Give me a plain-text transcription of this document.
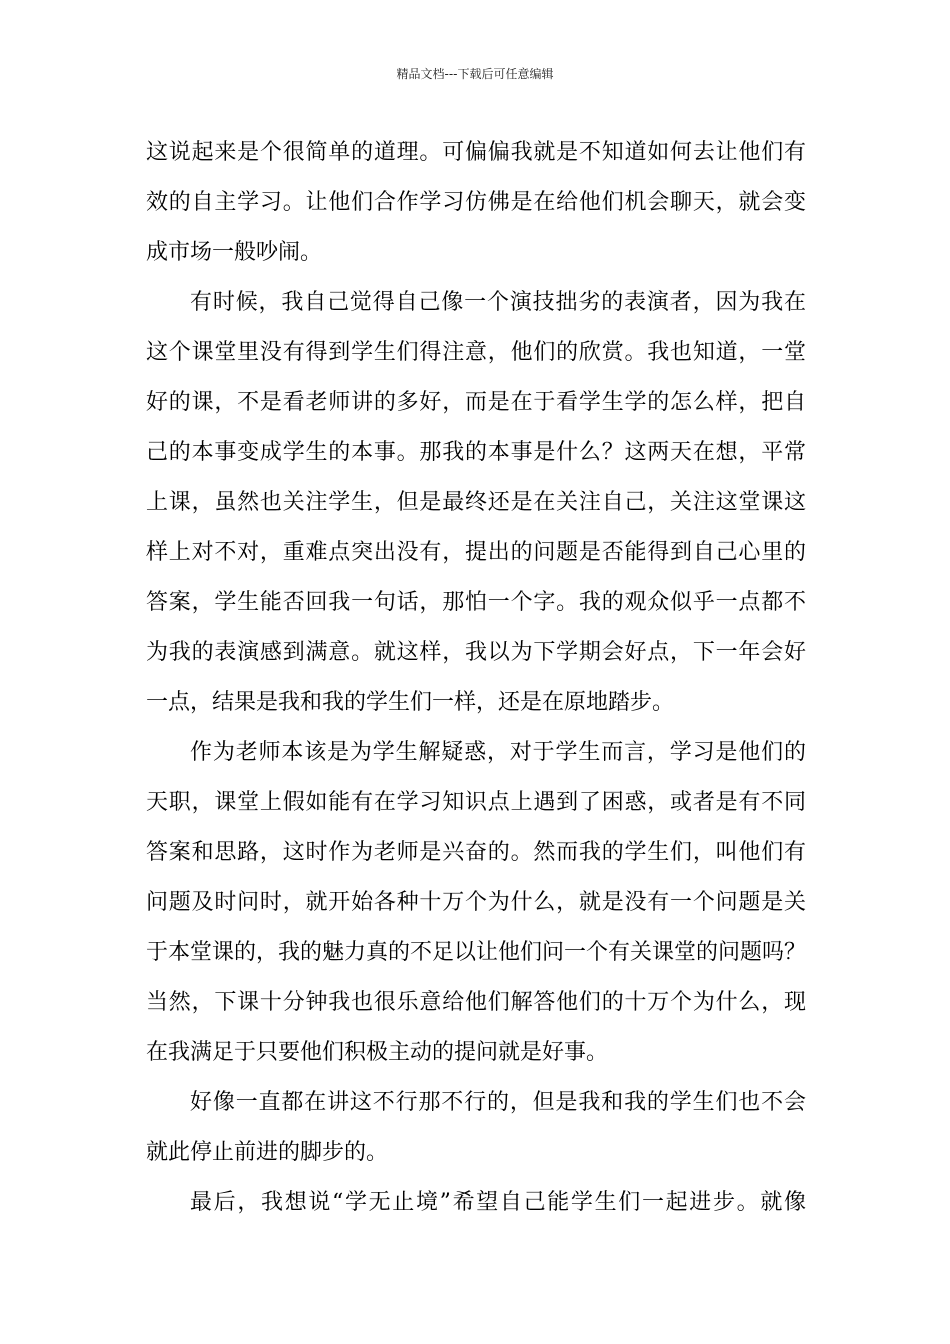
精品文档---下载后可任意编辑
这说起来是个很简单的道理。可偏偏我就是不知道如何去让他们有
效的自主学习。让他们合作学习仿佛是在给他们机会聊天，就会变
成市场一般吵闹。
有时候，我自己觉得自己像一个演技拙劣的表演者，因为我在
这个课堂里没有得到学生们得注意，他们的欣赏。我也知道，一堂
好的课，不是看老师讲的多好，而是在于看学生学的怎么样，把自
己的本事变成学生的本事。那我的本事是什么？这两天在想，平常
上课，虽然也关注学生，但是最终还是在关注自己，关注这堂课这
样上对不对，重难点突出没有，提出的问题是否能得到自己心里的
答案，学生能否回我一句话，那怕一个字。我的观众似乎一点都不
为我的表演感到满意。就这样，我以为下学期会好点，下一年会好
一点，结果是我和我的学生们一样，还是在原地踏步。
作为老师本该是为学生解疑惑，对于学生而言，学习是他们的
天职，课堂上假如能有在学习知识点上遇到了困惑，或者是有不同
答案和思路，这时作为老师是兴奋的。然而我的学生们，叫他们有
问题及时问时，就开始各种十万个为什么，就是没有一个问题是关
于本堂课的，我的魅力真的不足以让他们问一个有关课堂的问题吗？
当然，下课十分钟我也很乐意给他们解答他们的十万个为什么，现
在我满足于只要他们积极主动的提问就是好事。
好像一直都在讲这不行那不行的，但是我和我的学生们也不会
就此停止前进的脚步的。
最后，我想说“学无止境”希望自己能学生们一起进步。就像
